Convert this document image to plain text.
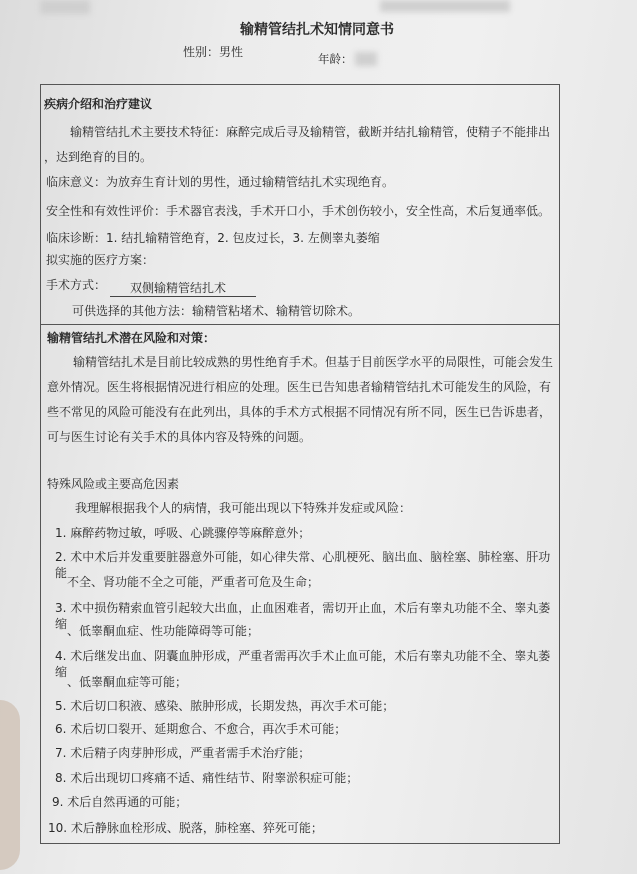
输精管结扎术知情同意书
性别：男性	年龄：
疾病介绍和治疗建议
输精管结扎术主要技术特征：麻醉完成后寻及输精管，截断并结扎输精管，使精子不能排出
，达到绝育的目的。
临床意义：为放弃生育计划的男性，通过输精管结扎术实现绝育。
安全性和有效性评价：手术器官表浅，手术开口小，手术创伤较小，安全性高，术后复通率低。
临床诊断：1. 结扎输精管绝育，2. 包皮过长，3. 左侧睾丸萎缩
拟实施的医疗方案：
手术方式：	双侧输精管结扎术
可供选择的其他方法：输精管粘堵术、输精管切除术。
输精管结扎术潜在风险和对策：
输精管结扎术是目前比较成熟的男性绝育手术。但基于目前医学水平的局限性，可能会发生
意外情况。医生将根据情况进行相应的处理。医生已告知患者输精管结扎术可能发生的风险，有
些不常见的风险可能没有在此列出，具体的手术方式根据不同情况有所不同，医生已告诉患者，
可与医生讨论有关手术的具体内容及特殊的问题。
特殊风险或主要高危因素
我理解根据我个人的病情，我可能出现以下特殊并发症或风险：
1. 麻醉药物过敏，呼吸、心跳骤停等麻醉意外；
2. 术中术后并发重要脏器意外可能，如心律失常、心肌梗死、脑出血、脑栓塞、肺栓塞、肝功能
不全、肾功能不全之可能，严重者可危及生命；
3. 术中损伤精索血管引起较大出血，止血困难者，需切开止血，术后有睾丸功能不全、睾丸萎缩 、低睾酮血症、性功能障碍等可能；
4. 术后继发出血、阴囊血肿形成，严重者需再次手术止血可能，术后有睾丸功能不全、睾丸萎缩
、低睾酮血症等可能；
5. 术后切口积液、感染、脓肿形成，长期发热，再次手术可能；
6. 术后切口裂开、延期愈合、不愈合，再次手术可能；
7. 术后精子肉芽肿形成，严重者需手术治疗能；
8. 术后出现切口疼痛不适、痛性结节、附睾淤积症可能；
9. 术后自然再通的可能；
10. 术后静脉血栓形成、脱落，肺栓塞、猝死可能；
